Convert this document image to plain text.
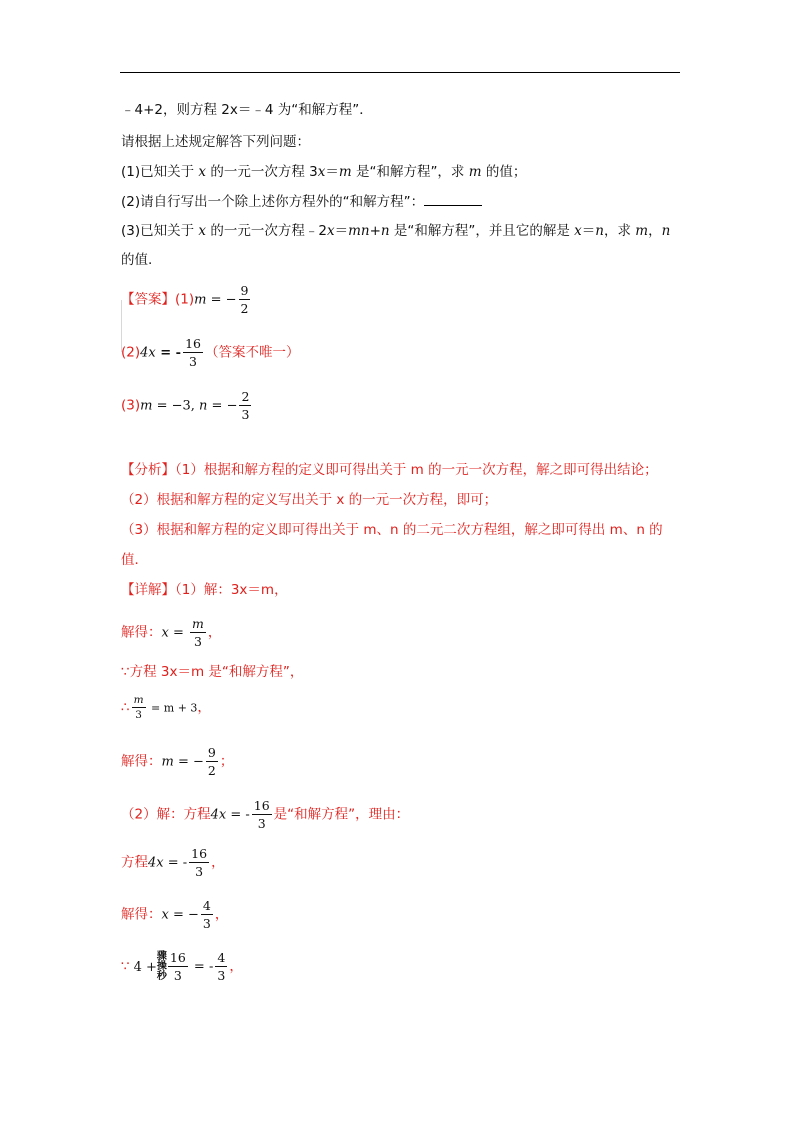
﹣4+2，则方程 2x＝﹣4 为“和解方程”．
请根据上述规定解答下列问题：
(1)已知关于 x 的一元一次方程 3x＝m 是“和解方程”，求 m 的值；
(2)请自行写出一个除上述你方程外的“和解方程”：
(3)已知关于 x 的一元一次方程﹣2x＝mn+n 是“和解方程”，并且它的解是 x＝n，求 m，n
的值.
【答案】(1)m = − $\frac{9}{2}$
(2)4x = - $\frac{16}{3}$ （答案不唯一）
(3)m = −3, n = − $\frac{2}{3}$
【分析】（1）根据和解方程的定义即可得出关于 m 的一元一次方程，解之即可得出结论；
（2）根据和解方程的定义写出关于 x 的一元一次方程，即可；
（3）根据和解方程的定义即可得出关于 m、n 的二元二次方程组，解之即可得出 m、n 的
值．
【详解】（1）解：3x＝m，
解得：$x = \frac{m}{3}$ ，
∵方程 3x＝m 是“和解方程”，
∴ $\frac{m}{3} = m + 3$，
解得：m = − $\frac{9}{2}$ ；
（2）解：方程4x = - $\frac{16}{3}$ 是“和解方程”，理由：
方程4x = - $\frac{16}{3}$ ，
解得：x = − $\frac{4}{3}$ ，
∵ 4 +骤
操
秒 $\frac{16}{3}$ = - $\frac{4}{3}$ ，
